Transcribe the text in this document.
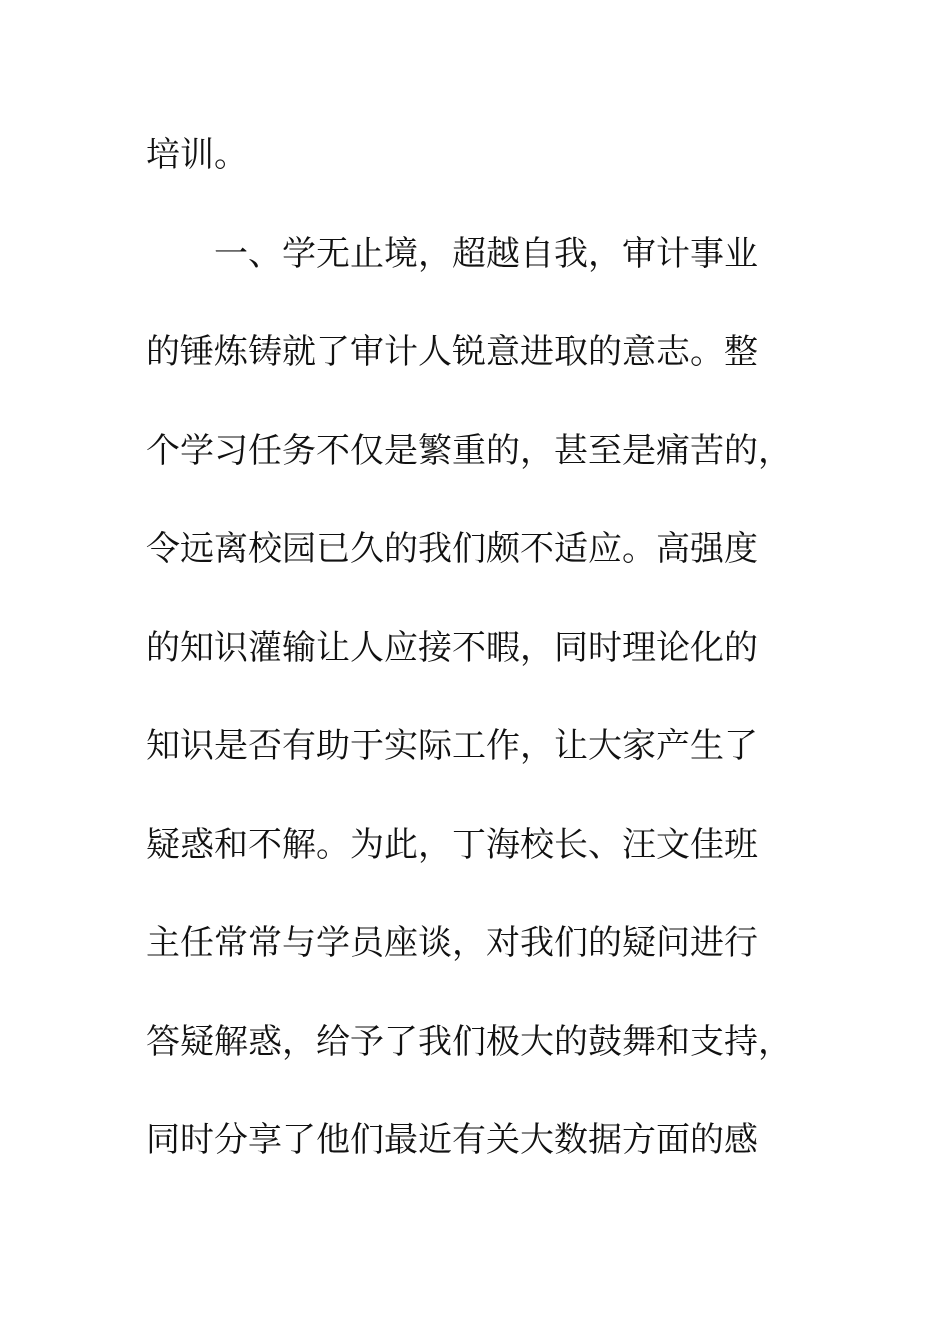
培训。
一、学无止境，超越自我，审计事业
的锤炼铸就了审计人锐意进取的意志。整
个学习任务不仅是繁重的，甚至是痛苦的，
令远离校园已久的我们颇不适应。高强度
的知识灌输让人应接不暇，同时理论化的
知识是否有助于实际工作，让大家产生了
疑惑和不解。为此，丁海校长、汪文佳班
主任常常与学员座谈，对我们的疑问进行
答疑解惑，给予了我们极大的鼓舞和支持，
同时分享了他们最近有关大数据方面的感
